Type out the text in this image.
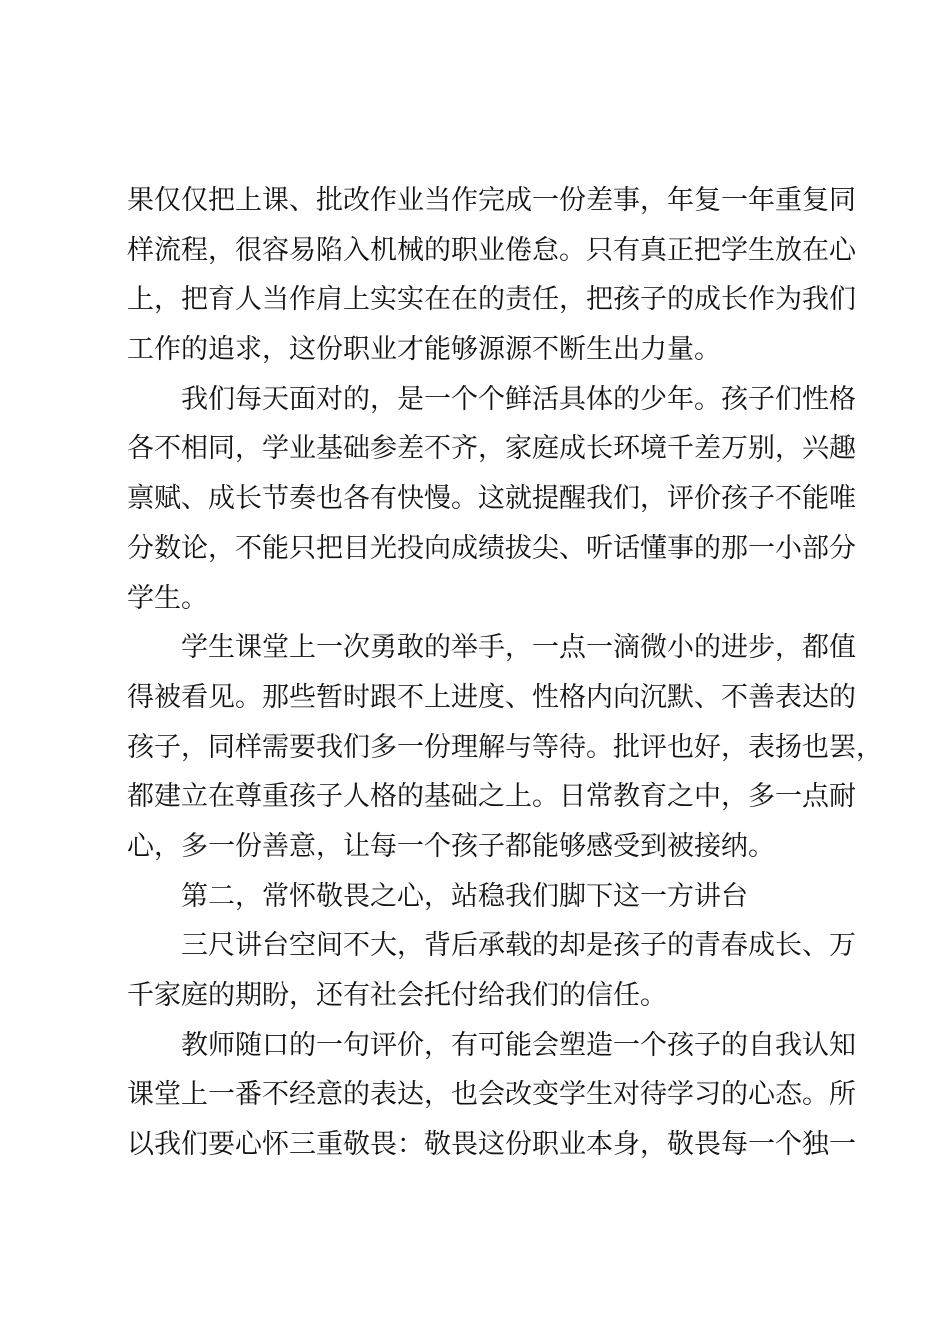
果仅仅把上课、批改作业当作完成一份差事，年复一年重复同
样流程，很容易陷入机械的职业倦怠。只有真正把学生放在心
上，把育人当作肩上实实在在的责任，把孩子的成长作为我们
工作的追求，这份职业才能够源源不断生出力量。
　　我们每天面对的，是一个个鲜活具体的少年。孩子们性格
各不相同，学业基础参差不齐，家庭成长环境千差万别，兴趣
禀赋、成长节奏也各有快慢。这就提醒我们，评价孩子不能唯
分数论，不能只把目光投向成绩拔尖、听话懂事的那一小部分
学生。
　　学生课堂上一次勇敢的举手，一点一滴微小的进步，都值
得被看见。那些暂时跟不上进度、性格内向沉默、不善表达的
孩子，同样需要我们多一份理解与等待。批评也好，表扬也罢，
都建立在尊重孩子人格的基础之上。日常教育之中，多一点耐
心，多一份善意，让每一个孩子都能够感受到被接纳。
　　第二，常怀敬畏之心，站稳我们脚下这一方讲台
　　三尺讲台空间不大，背后承载的却是孩子的青春成长、万
千家庭的期盼，还有社会托付给我们的信任。
　　教师随口的一句评价，有可能会塑造一个孩子的自我认知
课堂上一番不经意的表达，也会改变学生对待学习的心态。所
以我们要心怀三重敬畏：敬畏这份职业本身，敬畏每一个独一
